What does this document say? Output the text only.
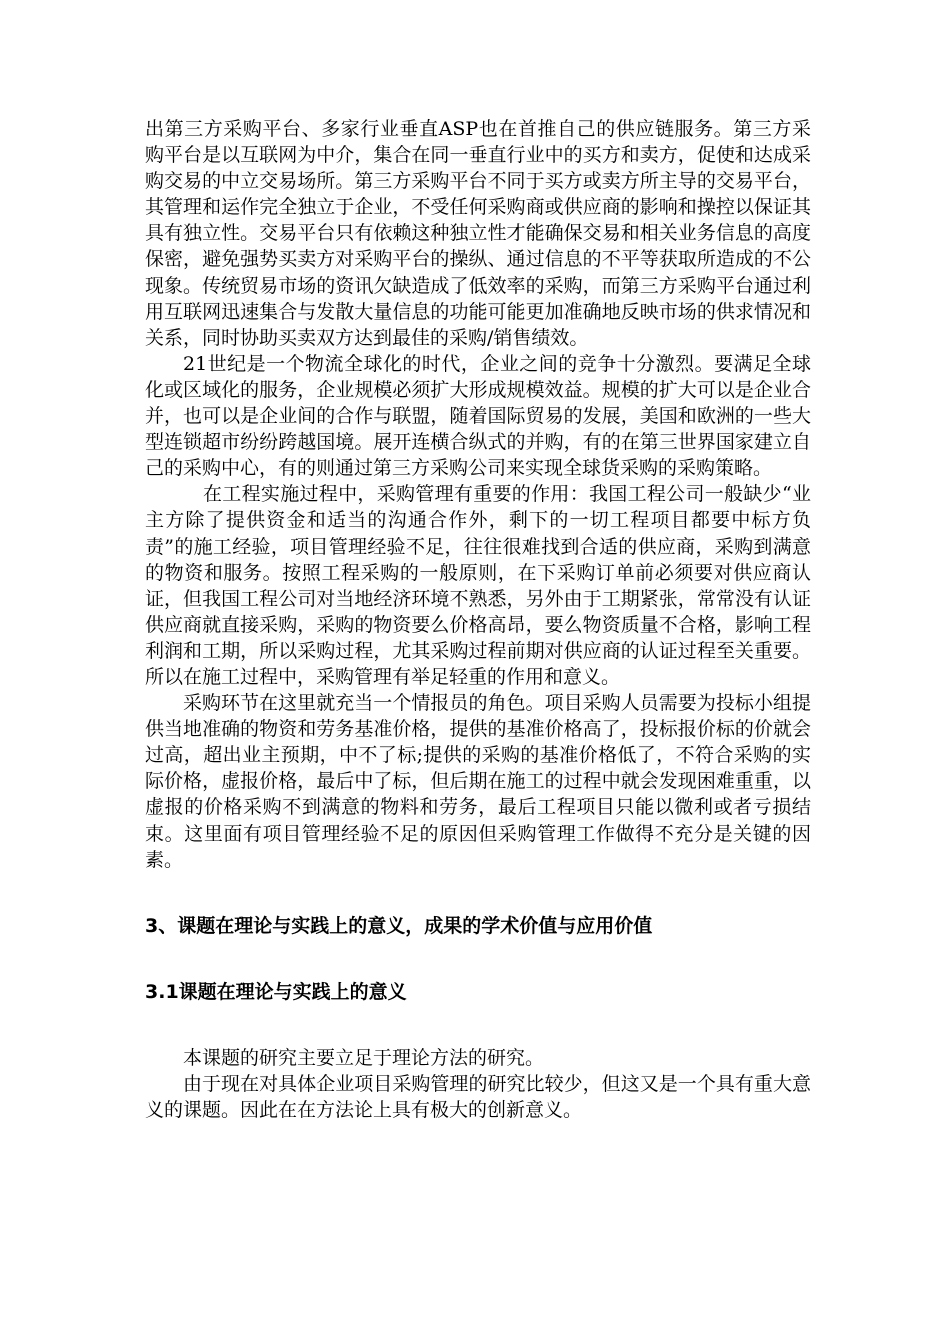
出第三方采购平台、多家行业垂直ASP也在首推自己的供应链服务。第三方采购平台是以互联网为中介，集合在同一垂直行业中的买方和卖方，促使和达成采购交易的中立交易场所。第三方采购平台不同于买方或卖方所主导的交易平台，其管理和运作完全独立于企业，不受任何采购商或供应商的影响和操控以保证其具有独立性。交易平台只有依赖这种独立性才能确保交易和相关业务信息的高度保密，避免强势买卖方对采购平台的操纵、通过信息的不平等获取所造成的不公现象。传统贸易市场的资讯欠缺造成了低效率的采购，而第三方采购平台通过利用互联网迅速集合与发散大量信息的功能可能更加准确地反映市场的供求情况和关系，同时协助买卖双方达到最佳的采购/销售绩效。

21世纪是一个物流全球化的时代，企业之间的竞争十分激烈。要满足全球化或区域化的服务，企业规模必须扩大形成规模效益。规模的扩大可以是企业合并，也可以是企业间的合作与联盟，随着国际贸易的发展，美国和欧洲的一些大型连锁超市纷纷跨越国境。展开连横合纵式的并购，有的在第三世界国家建立自己的采购中心，有的则通过第三方采购公司来实现全球货采购的采购策略。

在工程实施过程中，采购管理有重要的作用：我国工程公司一般缺少“业主方除了提供资金和适当的沟通合作外，剩下的一切工程项目都要中标方负责”的施工经验，项目管理经验不足，往往很难找到合适的供应商，采购到满意的物资和服务。按照工程采购的一般原则，在下采购订单前必须要对供应商认证，但我国工程公司对当地经济环境不熟悉，另外由于工期紧张，常常没有认证供应商就直接采购，采购的物资要么价格高昂，要么物资质量不合格，影响工程利润和工期，所以采购过程，尤其采购过程前期对供应商的认证过程至关重要。所以在施工过程中，采购管理有举足轻重的作用和意义。

采购环节在这里就充当一个情报员的角色。项目采购人员需要为投标小组提供当地准确的物资和劳务基准价格，提供的基准价格高了，投标报价标的价就会过高，超出业主预期，中不了标;提供的采购的基准价格低了，不符合采购的实际价格，虚报价格，最后中了标，但后期在施工的过程中就会发现困难重重，以虚报的价格采购不到满意的物料和劳务，最后工程项目只能以微利或者亏损结束。这里面有项目管理经验不足的原因但采购管理工作做得不充分是关键的因素。

3、课题在理论与实践上的意义，成果的学术价值与应用价值
3.1课题在理论与实践上的意义

本课题的研究主要立足于理论方法的研究。

由于现在对具体企业项目采购管理的研究比较少，但这又是一个具有重大意义的课题。因此在在方法论上具有极大的创新意义。
